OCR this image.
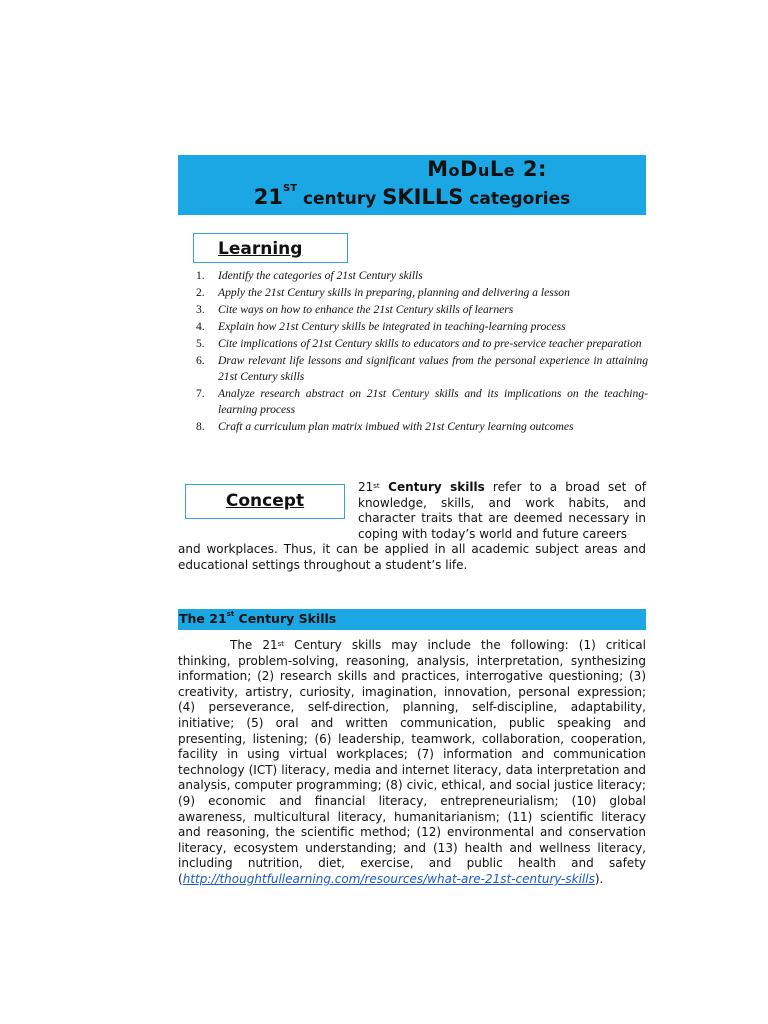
MoDuLe 2:
21ST century SKILLS categories
Learning
1. Identify the categories of 21st Century skills
2. Apply the 21st Century skills in preparing, planning and delivering a lesson
3. Cite ways on how to enhance the 21st Century skills of learners
4. Explain how 21st Century skills be integrated in teaching-learning process
5. Cite implications of 21st Century skills to educators and to pre-service teacher preparation
6. Draw relevant life lessons and significant values from the personal experience in attaining 21st Century skills
7. Analyze research abstract on 21st Century skills and its implications on the teaching-learning process
8. Craft a curriculum plan matrix imbued with 21st Century learning outcomes
Concept
21st Century skills refer to a broad set of knowledge, skills, and work habits, and character traits that are deemed necessary in coping with today’s world and future careers
and workplaces. Thus, it can be applied in all academic subject areas and educational settings throughout a student’s life.
The 21st Century Skills
The 21st Century skills may include the following: (1) critical thinking, problem-solving, reasoning, analysis, interpretation, synthesizing information; (2) research skills and practices, interrogative questioning; (3) creativity, artistry, curiosity, imagination, innovation, personal expression; (4) perseverance, self-direction, planning, self-discipline, adaptability, initiative; (5) oral and written communication, public speaking and presenting, listening; (6) leadership, teamwork, collaboration, cooperation, facility in using virtual workplaces; (7) information and communication technology (ICT) literacy, media and internet literacy, data interpretation and analysis, computer programming; (8) civic, ethical, and social justice literacy; (9) economic and financial literacy, entrepreneurialism; (10) global awareness, multicultural literacy, humanitarianism; (11) scientific literacy and reasoning, the scientific method; (12) environmental and conservation literacy, ecosystem understanding; and (13) health and wellness literacy, including nutrition, diet, exercise, and public health and safety (http://thoughtfullearning.com/resources/what-are-21st-century-skills).
